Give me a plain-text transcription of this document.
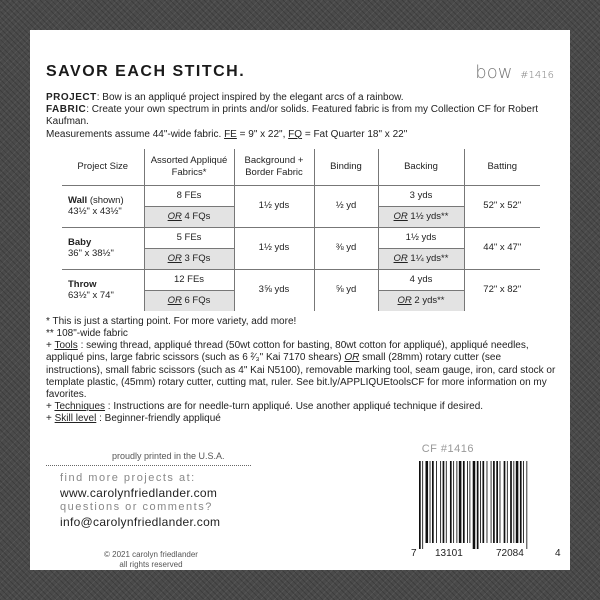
SAVOR EACH STITCH.	bow #1416

PROJECT: Bow is an appliqué project inspired by the elegant arcs of a rainbow.

FABRIC: Create your own spectrum in prints and/or solids. Featured fabric is from my Collection CF for Robert Kaufman.

Measurements assume 44"-wide fabric. FE = 9" x 22", FQ = Fat Quarter 18" x 22"

Project Size	Assorted Appliqué Fabrics*	Background + Border Fabric	Binding	Backing	Batting
Wall (shown)
43½" x 43½"	8 FEs	1½ yds	½ yd	3 yds	52" x 52"
	OR 4 FQs			OR 1½ yds**	
Baby
36" x 38½"	5 FEs	1½ yds	⅜ yd	1½ yds	44" x 47"
	OR 3 FQs			OR 1¼ yds**	
Throw
63½" x 74"	12 FEs	3⅝ yds	⅝ yd	4 yds	72" x 82"
	OR 6 FQs			OR 2 yds**	

* This is just a starting point. For more variety, add more!

** 108"-wide fabric

+ Tools : sewing thread, appliqué thread (50wt cotton for basting, 80wt cotton for appliqué), appliqué needles, appliqué pins, large fabric scissors (such as 6 ²⁄₃" Kai 7170 shears) OR small (28mm) rotary cutter (see instructions), small fabric scissors (such as 4" Kai N5100), removable marking tool, seam gauge, iron, card stock or template plastic, (45mm) rotary cutter, cutting mat, ruler. See bit.ly/APPLIQUEtoolsCF for more information on my favorites.

+ Techniques : Instructions are for needle-turn appliqué. Use another appliqué technique if desired.

+ Skill level : Beginner-friendly appliqué

CF #1416
proudly printed in the U.S.A.
find more projects at:
www.carolynfriedlander.com
questions or comments?
info@carolynfriedlander.com
© 2021 carolyn friedlander
all rights reserved
7 13101	72084	4
